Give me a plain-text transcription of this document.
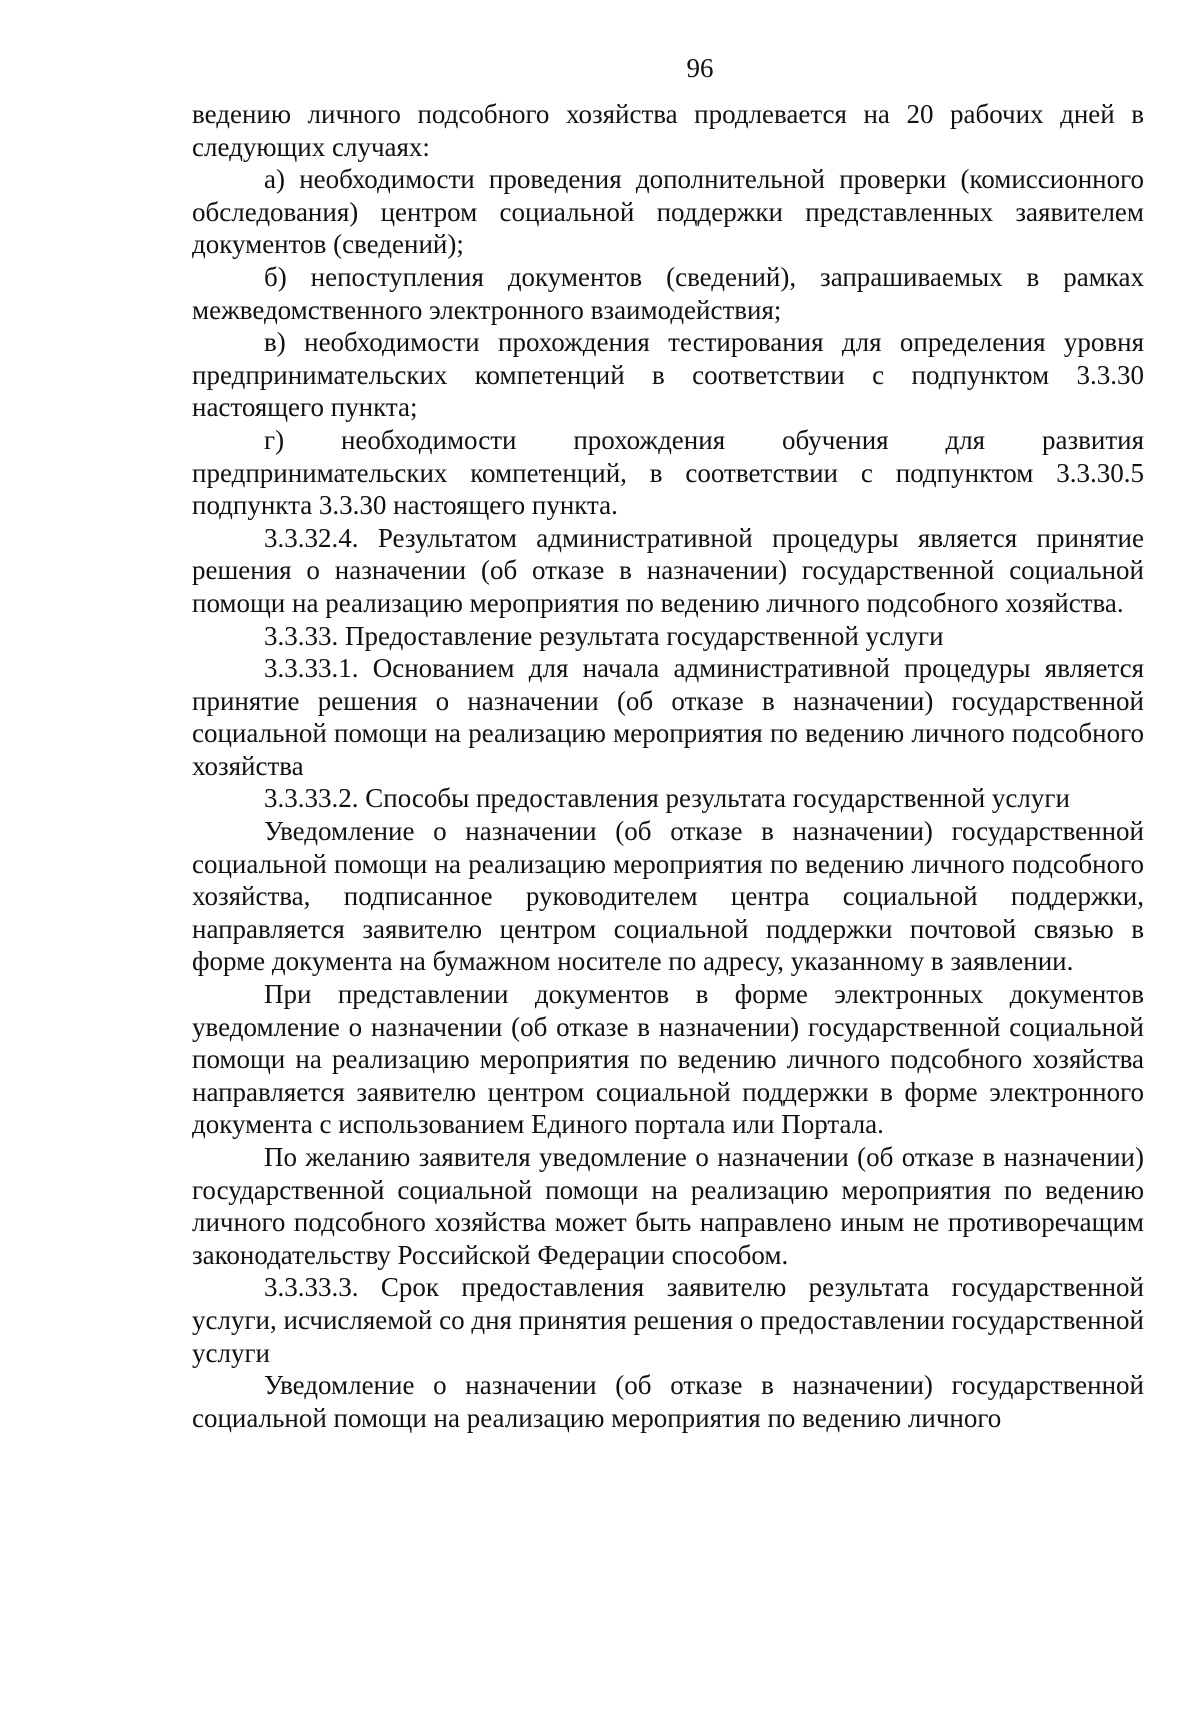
96

ведению личного подсобного хозяйства продлевается на 20 рабочих дней в следующих случаях:

а) необходимости проведения дополнительной проверки (комиссионного обследования) центром социальной поддержки представленных заявителем документов (сведений);

б) непоступления документов (сведений), запрашиваемых в рамках межведомственного электронного взаимодействия;

в) необходимости прохождения тестирования для определения уровня предпринимательских компетенций в соответствии с подпунктом 3.3.30 настоящего пункта;

г) необходимости прохождения обучения для развития предпринимательских компетенций, в соответствии с подпунктом 3.3.30.5 подпункта 3.3.30 настоящего пункта.

3.3.32.4. Результатом административной процедуры является принятие решения о назначении (об отказе в назначении) государственной социальной помощи на реализацию мероприятия по ведению личного подсобного хозяйства.

3.3.33. Предоставление результата государственной услуги

3.3.33.1. Основанием для начала административной процедуры является принятие решения о назначении (об отказе в назначении) государственной социальной помощи на реализацию мероприятия по ведению личного подсобного хозяйства

3.3.33.2. Способы предоставления результата государственной услуги

Уведомление о назначении (об отказе в назначении) государственной социальной помощи на реализацию мероприятия по ведению личного подсобного хозяйства, подписанное руководителем центра социальной поддержки, направляется заявителю центром социальной поддержки почтовой связью в форме документа на бумажном носителе по адресу, указанному в заявлении.

При представлении документов в форме электронных документов уведомление о назначении (об отказе в назначении) государственной социальной помощи на реализацию мероприятия по ведению личного подсобного хозяйства направляется заявителю центром социальной поддержки в форме электронного документа с использованием Единого портала или Портала.

По желанию заявителя уведомление о назначении (об отказе в назначении) государственной социальной помощи на реализацию мероприятия по ведению личного подсобного хозяйства может быть направлено иным не противоречащим законодательству Российской Федерации способом.

3.3.33.3. Срок предоставления заявителю результата государственной услуги, исчисляемой со дня принятия решения о предоставлении государственной услуги

Уведомление о назначении (об отказе в назначении) государственной социальной помощи на реализацию мероприятия по ведению личного
